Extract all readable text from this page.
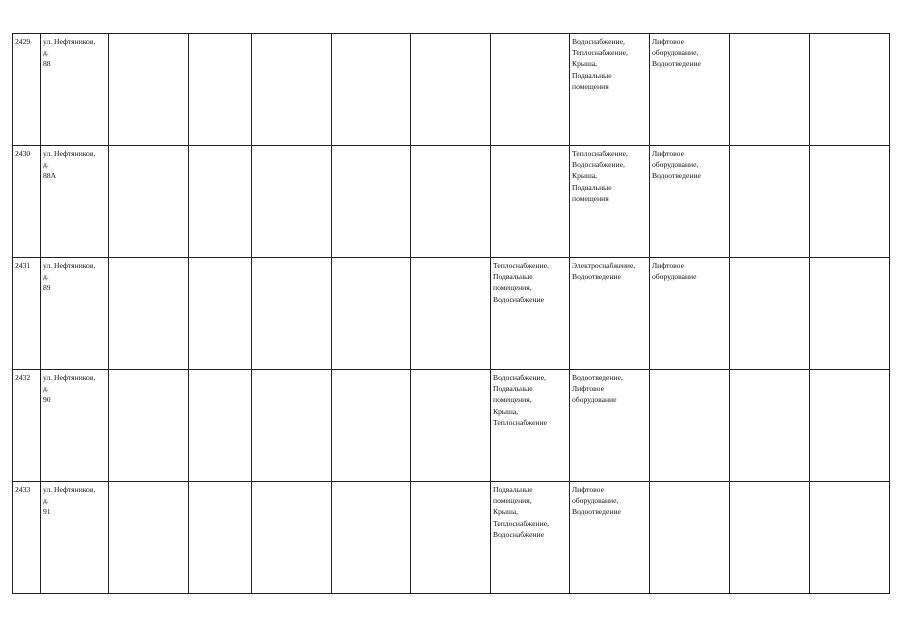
2429	ул. Нефтяников,
д.
88							Водоснабжение,
Теплоснабжение,
Крыша,
Подвальные
помещения	Лифтовое
оборудование,
Водоотведение		

2430	ул. Нефтяников,
д.
88А							Теплоснабжение,
Водоснабжение,
Крыша,
Подвальные
помещения	Лифтовое
оборудование,
Водоотведение		

2431	ул. Нефтяников,
д.
89						Теплоснабжение,
Подвальные
помещения,
Водоснабжение	Электроснабжение,
Водоотведение	Лифтовое
оборудование		

2432	ул. Нефтяников,
д.
90						Водоснабжение,
Подвальные
помещения,
Крыша,
Теплоснабжение	Водоотведение,
Лифтовое
оборудование			

2433	ул. Нефтяников,
д.
91						Подвальные
помещения,
Крыша,
Теплоснабжение,
Водоснабжение	Лифтовое
оборудование,
Водоотведение			
